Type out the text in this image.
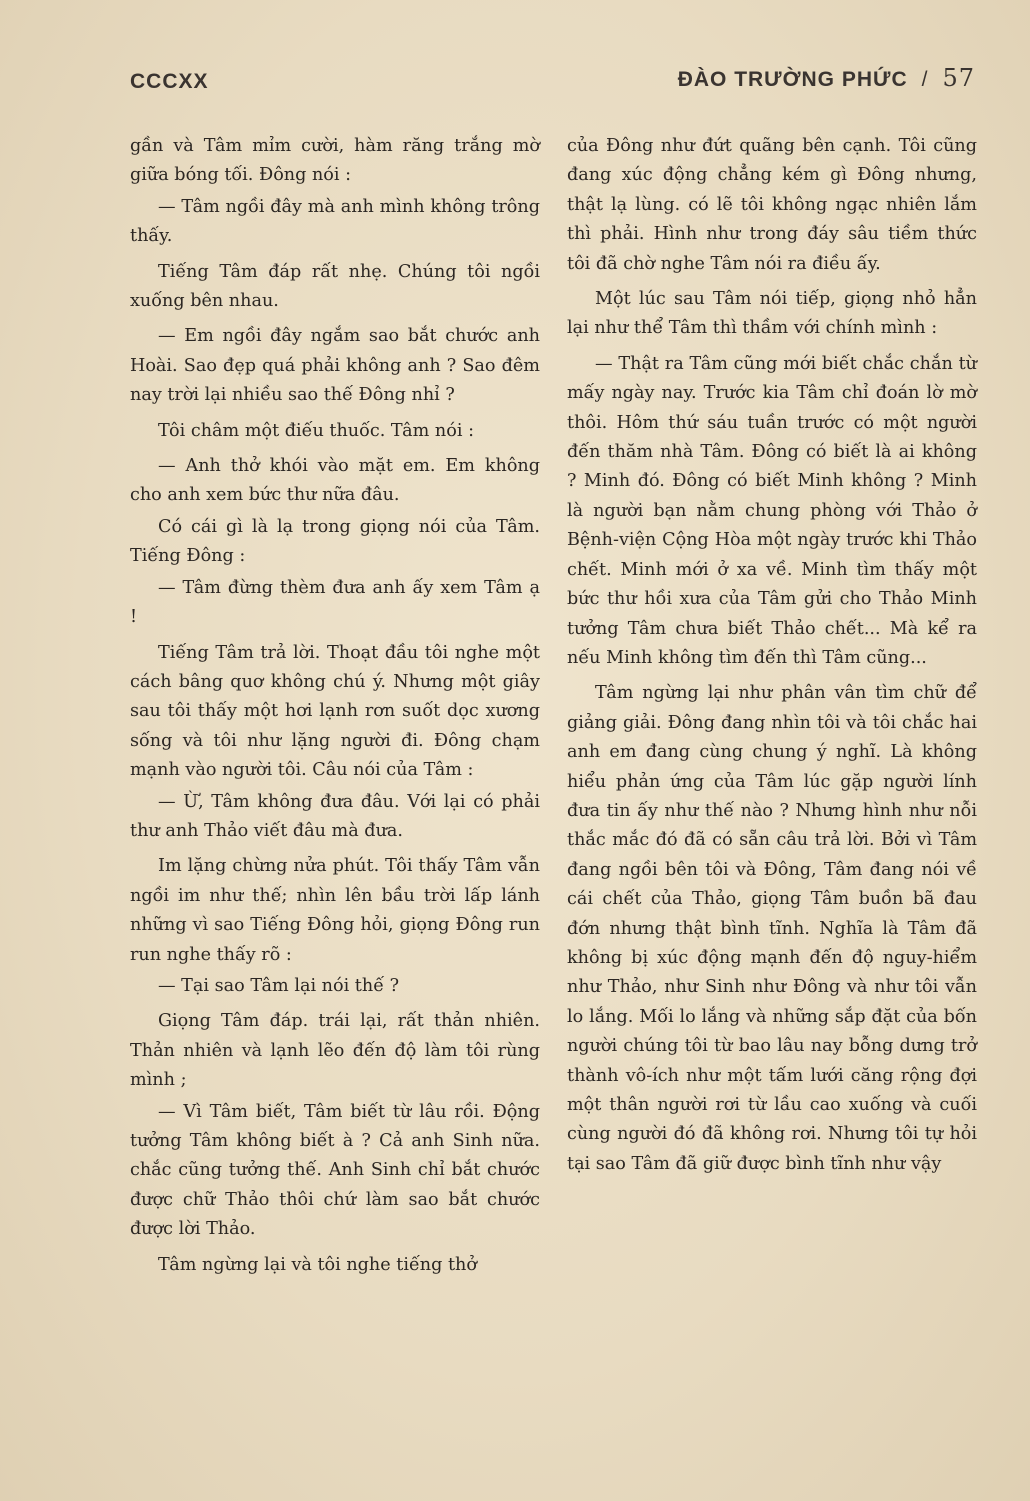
CCCXX	ĐÀO TRƯỜNG PHỨC / 57

gần và Tâm mỉm cười, hàm răng trắng mờ giữa bóng tối. Đông nói :

— Tâm ngồi đây mà anh mình không trông thấy.

Tiếng Tâm đáp rất nhẹ. Chúng tôi ngồi xuống bên nhau.

— Em ngồi đây ngắm sao bắt chước anh Hoài. Sao đẹp quá phải không anh ? Sao đêm nay trời lại nhiều sao thế Đông nhỉ ?

Tôi châm một điếu thuốc. Tâm nói :

— Anh thở khói vào mặt em. Em không cho anh xem bức thư nữa đâu.

Có cái gì là lạ trong giọng nói của Tâm. Tiếng Đông :

— Tâm đừng thèm đưa anh ấy xem Tâm ạ !

Tiếng Tâm trả lời. Thoạt đầu tôi nghe một cách bâng quơ không chú ý. Nhưng một giây sau tôi thấy một hơi lạnh rơn suốt dọc xương sống và tôi như lặng người đi. Đông chạm mạnh vào người tôi. Câu nói của Tâm :

— Ừ, Tâm không đưa đâu. Với lại có phải thư anh Thảo viết đâu mà đưa.

Im lặng chừng nửa phút. Tôi thấy Tâm vẫn ngồi im như thế; nhìn lên bầu trời lấp lánh những vì sao Tiếng Đông hỏi, giọng Đông run run nghe thấy rõ :

— Tại sao Tâm lại nói thế ?

Giọng Tâm đáp. trái lại, rất thản nhiên. Thản nhiên và lạnh lẽo đến độ làm tôi rùng mình ;

— Vì Tâm biết, Tâm biết từ lâu rồi. Động tưởng Tâm không biết à ? Cả anh Sinh nữa. chắc cũng tưởng thế. Anh Sinh chỉ bắt chước được chữ Thảo thôi chứ làm sao bắt chước được lời Thảo.

Tâm ngừng lại và tôi nghe tiếng thở

của Đông như đứt quãng bên cạnh. Tôi cũng đang xúc động chẳng kém gì Đông nhưng, thật lạ lùng. có lẽ tôi không ngạc nhiên lắm thì phải. Hình như trong đáy sâu tiềm thức tôi đã chờ nghe Tâm nói ra điều ấy.

Một lúc sau Tâm nói tiếp, giọng nhỏ hẳn lại như thể Tâm thì thầm với chính mình :

— Thật ra Tâm cũng mới biết chắc chắn từ mấy ngày nay. Trước kia Tâm chỉ đoán lờ mờ thôi. Hôm thứ sáu tuần trước có một người đến thăm nhà Tâm. Đông có biết là ai không ? Minh đó. Đông có biết Minh không ? Minh là người bạn nằm chung phòng với Thảo ở Bệnh-viện Cộng Hòa một ngày trước khi Thảo chết. Minh mới ở xa về. Minh tìm thấy một bức thư hồi xưa của Tâm gửi cho Thảo Minh tưởng Tâm chưa biết Thảo chết... Mà kể ra nếu Minh không tìm đến thì Tâm cũng...

Tâm ngừng lại như phân vân tìm chữ để giảng giải. Đông đang nhìn tôi và tôi chắc hai anh em đang cùng chung ý nghĩ. Là không hiểu phản ứng của Tâm lúc gặp người lính đưa tin ấy như thế nào ? Nhưng hình như nỗi thắc mắc đó đã có sẵn câu trả lời. Bởi vì Tâm đang ngồi bên tôi và Đông, Tâm đang nói về cái chết của Thảo, giọng Tâm buồn bã đau đớn nhưng thật bình tĩnh. Nghĩa là Tâm đã không bị xúc động mạnh đến độ nguy-hiểm như Thảo, như Sinh như Đông và như tôi vẫn lo lắng. Mối lo lắng và những sắp đặt của bốn người chúng tôi từ bao lâu nay bỗng dưng trở thành vô-ích như một tấm lưới căng rộng đợi một thân người rơi từ lầu cao xuống và cuối cùng người đó đã không rơi. Nhưng tôi tự hỏi tại sao Tâm đã giữ được bình tĩnh như vậy
